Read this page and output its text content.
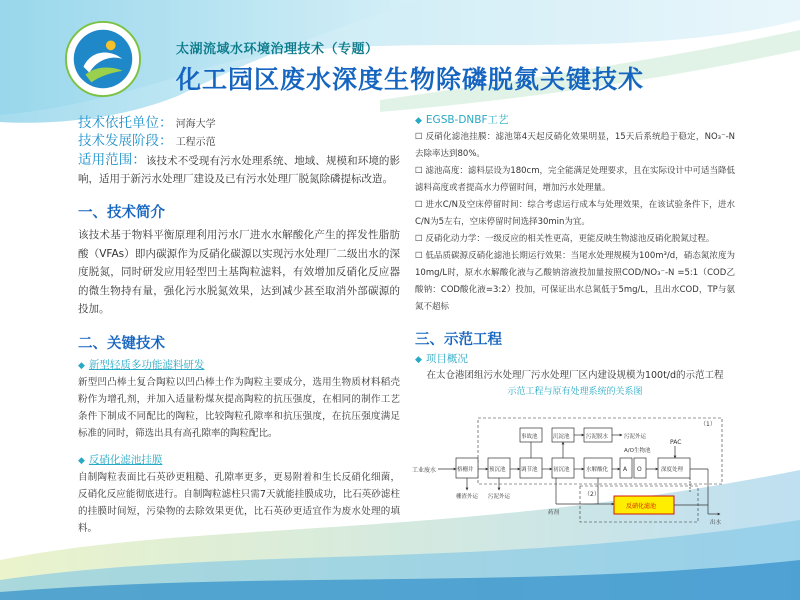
太湖流域水环境治理技术（专题）
化工园区废水深度生物除磷脱氮关键技术
技术依托单位： 河海大学
技术发展阶段： 工程示范
适用范围：该技术不受现有污水处理系统、地域、规模和环境的影响，适用于新污水处理厂建设及已有污水处理厂脱氮除磷提标改造。
一、技术简介

该技术基于物料平衡原理利用污水厂进水水解酸化产生的挥发性脂肪酸（VFAs）即内碳源作为反硝化碳源以实现污水处理厂二级出水的深度脱氮，同时研发应用轻型凹土基陶粒滤料，有效增加反硝化反应器的微生物持有量，强化污水脱氮效果，达到减少甚至取消外部碳源的投加。

二、关键技术
◆ 新型轻质多功能滤料研发

新型凹凸棒土复合陶粒以凹凸棒土作为陶粒主要成分，选用生物质材料稻壳粉作为增孔剂，并加入适量粉煤灰提高陶粒的抗压强度，在相同的制作工艺条件下制成不同配比的陶粒，比较陶粒孔隙率和抗压强度，在抗压强度满足标准的同时，筛选出具有高孔隙率的陶粒配比。

◆ 反硝化滤池挂膜

自制陶粒表面比石英砂更粗糙、孔隙率更多，更易附着和生长反硝化细菌，反硝化反应能彻底进行。自制陶粒滤柱只需7天就能挂膜成功，比石英砂滤柱的挂膜时间短，污染物的去除效果更优，比石英砂更适宜作为废水处理的填料。

◆ EGSB-DNBF工艺

☐ 反硝化滤池挂膜：滤池第4天起反硝化效果明显，15天后系统趋于稳定，NO₃⁻-N去除率达到80%。

☐ 滤池高度：滤料层设为180cm，完全能满足处理要求，且在实际设计中可适当降低滤料高度或者提高水力停留时间，增加污水处理量。

☐ 进水C/N及空床停留时间：综合考虑运行成本与处理效果，在该试验条件下，进水C/N为5左右，空床停留时间选择30min为宜。

☐ 反硝化动力学：一级反应的相关性更高，更能反映生物滤池反硝化脱氮过程。

☐ 低品质碳源反硝化滤池长期运行效果：当尾水处理规模为100m³/d，硝态氮浓度为10mg/L时，原水水解酸化液与乙酸钠溶液投加量按照COD/NO₃⁻-N =5:1（COD乙酸钠：COD酸化液=3:2）投加，可保证出水总氮低于5mg/L，且出水COD，TP与氨氮不超标

三、示范工程
◆ 项目概况
在太仓港团组污水处理厂污水处理厂区内建设规模为100t/d的示范工程
示范工程与原有处理系统的关系图
（1）
（2）
工业废水	格栅井	预沉池	调节池	初沉池	水解酸化
A/O生物池
A O
PAC
深度处理
出水
事故池	沉淀池	污泥脱水	污泥外运
栅渣外运 污泥外运
药剂
反硝化滤池
